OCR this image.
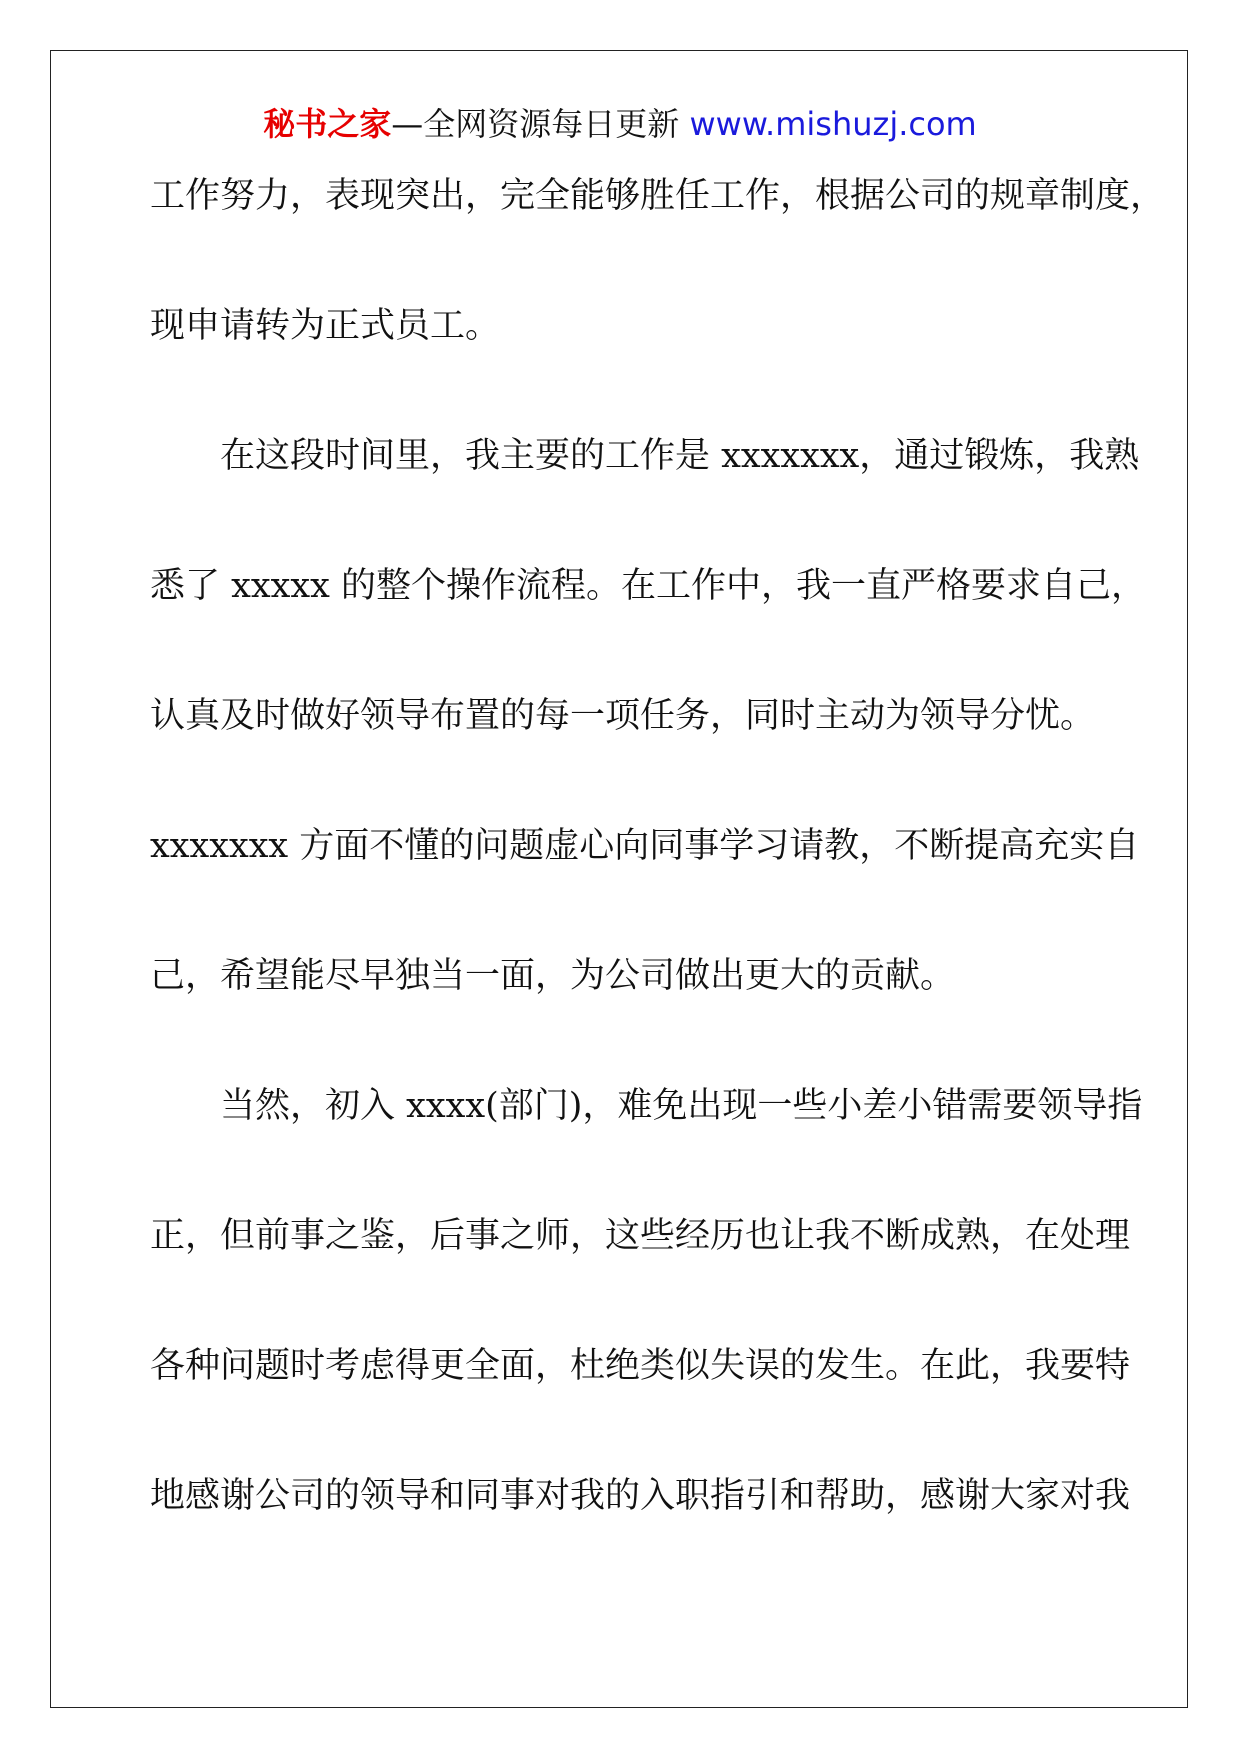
秘书之家—全网资源每日更新 www.mishuzj.com
工作努力，表现突出，完全能够胜任工作，根据公司的规章制度，
现申请转为正式员工。
在这段时间里，我主要的工作是 xxxxxxx，通过锻炼，我熟
悉了 xxxxx 的整个操作流程。在工作中，我一直严格要求自己，
认真及时做好领导布置的每一项任务，同时主动为领导分忧。
xxxxxxx 方面不懂的问题虚心向同事学习请教，不断提高充实自
己，希望能尽早独当一面，为公司做出更大的贡献。
当然，初入 xxxx(部门)，难免出现一些小差小错需要领导指
正，但前事之鉴，后事之师，这些经历也让我不断成熟，在处理
各种问题时考虑得更全面，杜绝类似失误的发生。在此，我要特
地感谢公司的领导和同事对我的入职指引和帮助，感谢大家对我
